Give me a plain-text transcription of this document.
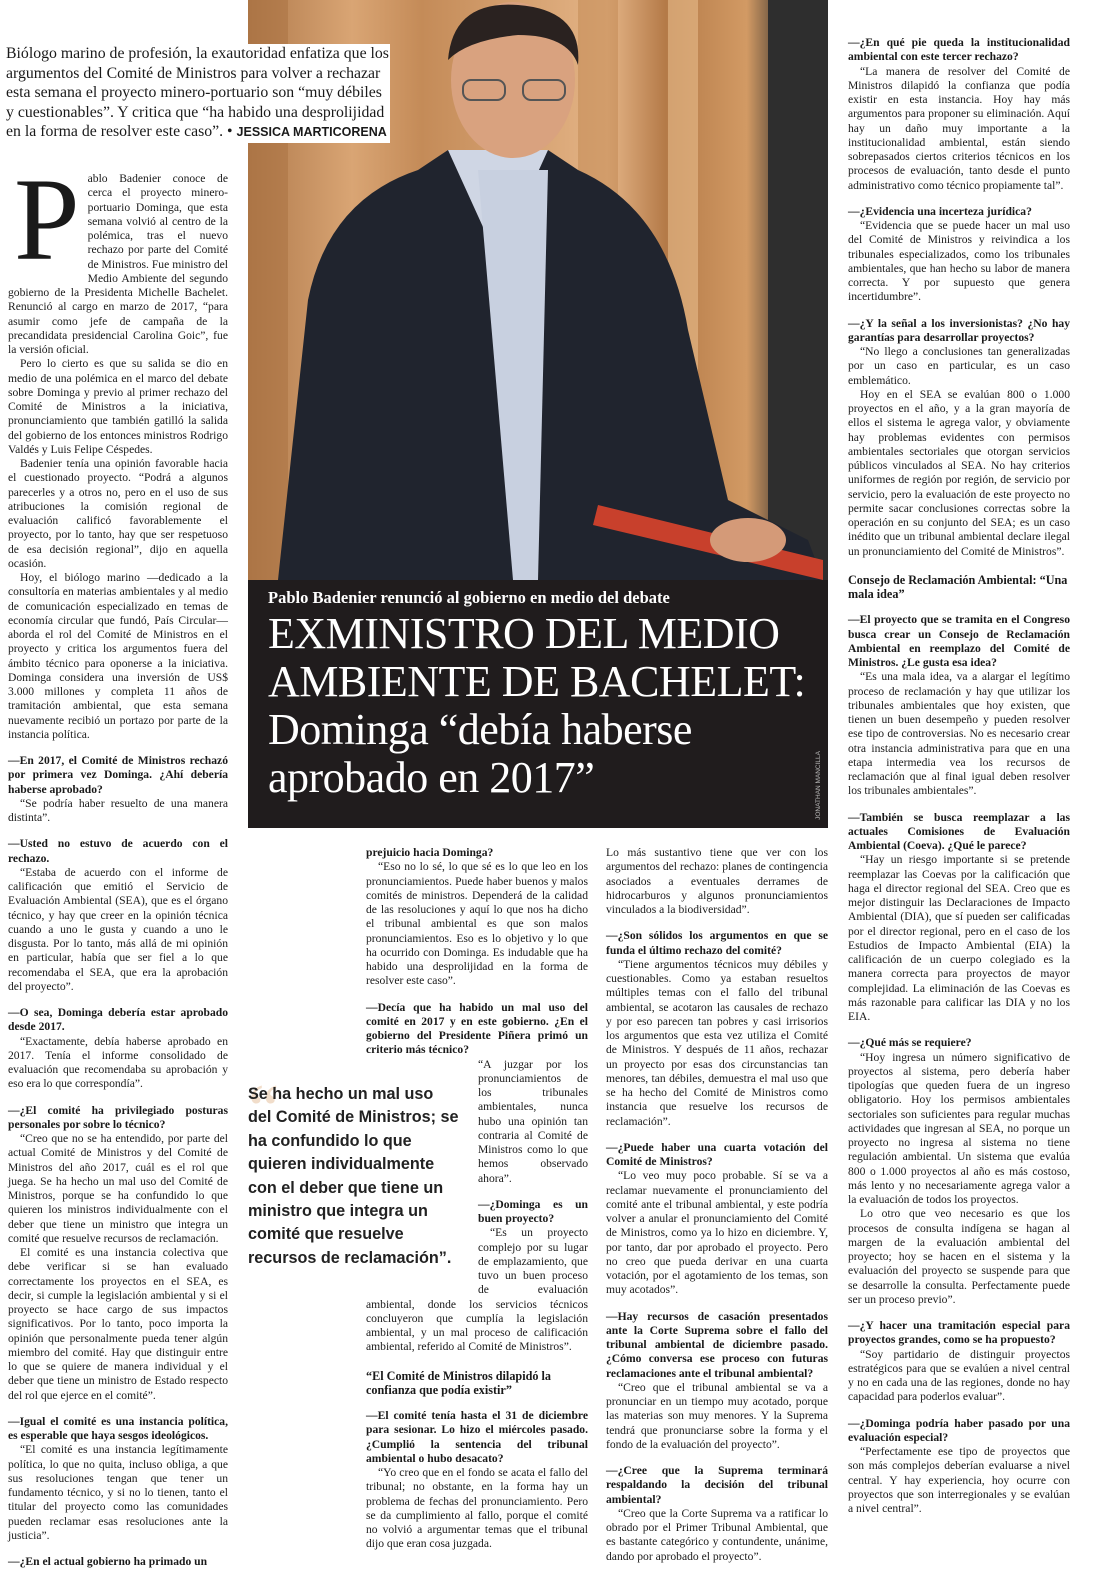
Biólogo marino de profesión, la exautoridad enfatiza que los argumentos del Comité de Ministros para volver a rechazar esta semana el proyecto minero-portuario son “muy débiles y cuestionables”. Y critica que “ha habido una desprolijidad en la forma de resolver este caso”. • JESSICA MARTICORENA
Pablo Badenier renunció al gobierno en medio del debate
EXMINISTRO DEL MEDIO AMBIENTE DE BACHELET: Dominga “debía haberse aprobado en 2017”	JONATHAN MANCILLA
P ablo Badenier conoce de cerca el proyecto minero-portuario Dominga, que esta semana volvió al centro de la polémica, tras el nuevo rechazo por parte del Comité de Ministros. Fue ministro del Medio Ambiente del segundo gobierno de la Presidenta Michelle Bachelet. Renunció al cargo en marzo de 2017, “para asumir como jefe de campaña de la precandidata presidencial Carolina Goic”, fue la versión oficial.

Pero lo cierto es que su salida se dio en medio de una polémica en el marco del debate sobre Dominga y previo al primer rechazo del Comité de Ministros a la iniciativa, pronunciamiento que también gatilló la salida del gobierno de los entonces ministros Rodrigo Valdés y Luis Felipe Céspedes.

Badenier tenía una opinión favorable hacia el cuestionado proyecto. “Podrá a algunos parecerles y a otros no, pero en el uso de sus atribuciones la comisión regional de evaluación calificó favorablemente el proyecto, por lo tanto, hay que ser respetuoso de esa decisión regional”, dijo en aquella ocasión.

Hoy, el biólogo marino —dedicado a la consultoría en materias ambientales y al medio de comunicación especializado en temas de economía circular que fundó, País Circular— aborda el rol del Comité de Ministros en el proyecto y critica los argumentos fuera del ámbito técnico para oponerse a la iniciativa. Dominga considera una inversión de US$ 3.000 millones y completa 11 años de tramitación ambiental, que esta semana nuevamente recibió un portazo por parte de la instancia política.

—En 2017, el Comité de Ministros rechazó por primera vez Dominga. ¿Ahí debería haberse aprobado?

“Se podría haber resuelto de una manera distinta”.

—Usted no estuvo de acuerdo con el rechazo.

“Estaba de acuerdo con el informe de calificación que emitió el Servicio de Evaluación Ambiental (SEA), que es el órgano técnico, y hay que creer en la opinión técnica cuando a uno le gusta y cuando a uno le disgusta. Por lo tanto, más allá de mi opinión en particular, había que ser fiel a lo que recomendaba el SEA, que era la aprobación del proyecto”.

—O sea, Dominga debería estar aprobado desde 2017.

“Exactamente, debía haberse aprobado en 2017. Tenía el informe consolidado de evaluación que recomendaba su aprobación y eso era lo que correspondía”.

—¿El comité ha privilegiado posturas personales por sobre lo técnico?

“Creo que no se ha entendido, por parte del actual Comité de Ministros y del Comité de Ministros del año 2017, cuál es el rol que juega. Se ha hecho un mal uso del Comité de Ministros, porque se ha confundido lo que quieren los ministros individualmente con el deber que tiene un ministro que integra un comité que resuelve recursos de reclamación.

El comité es una instancia colectiva que debe verificar si se han evaluado correctamente los proyectos en el SEA, es decir, si cumple la legislación ambiental y si el proyecto se hace cargo de sus impactos significativos. Por lo tanto, poco importa la opinión que personalmente pueda tener algún miembro del comité. Hay que distinguir entre lo que se quiere de manera individual y el deber que tiene un ministro de Estado respecto del rol que ejerce en el comité”.

—Igual el comité es una instancia política, es esperable que haya sesgos ideológicos.

“El comité es una instancia legítimamente política, lo que no quita, incluso obliga, a que sus resoluciones tengan que tener un fundamento técnico, y si no lo tienen, tanto el titular del proyecto como las comunidades pueden reclamar esas resoluciones ante la justicia”.

—¿En el actual gobierno ha primado un

“
Se ha hecho un mal uso del Comité de Ministros; se ha confundido lo que quieren individualmente con el deber que tiene un ministro que integra un comité que resuelve recursos de reclamación”.

prejuicio hacia Dominga?

“Eso no lo sé, lo que sé es lo que leo en los pronunciamientos. Puede haber buenos y malos comités de ministros. Dependerá de la calidad de las resoluciones y aquí lo que nos ha dicho el tribunal ambiental es que son malos pronunciamientos. Eso es lo objetivo y lo que ha ocurrido con Dominga. Es indudable que ha habido una desprolijidad en la forma de resolver este caso”.

—Decía que ha habido un mal uso del comité en 2017 y en este gobierno. ¿En el gobierno del Presidente Piñera primó un criterio más técnico?

“A juzgar por los pronunciamientos de los tribunales ambientales, nunca hubo una opinión tan contraria al Comité de Ministros como lo que hemos observado ahora”.

—¿Dominga es un buen proyecto?

“Es un proyecto complejo por su lugar de emplazamiento, que tuvo un buen proceso de evaluación ambiental, donde los servicios técnicos concluyeron que cumplía la legislación ambiental, y un mal proceso de calificación ambiental, referido al Comité de Ministros”.

“El Comité de Ministros dilapidó la confianza que podía existir”

—El comité tenía hasta el 31 de diciembre para sesionar. Lo hizo el miércoles pasado. ¿Cumplió la sentencia del tribunal ambiental o hubo desacato?

“Yo creo que en el fondo se acata el fallo del tribunal; no obstante, en la forma hay un problema de fechas del pronunciamiento. Pero se da cumplimiento al fallo, porque el comité no volvió a argumentar temas que el tribunal dijo que eran cosa juzgada.

Lo más sustantivo tiene que ver con los argumentos del rechazo: planes de contingencia asociados a eventuales derrames de hidrocarburos y algunos pronunciamientos vinculados a la biodiversidad”.

—¿Son sólidos los argumentos en que se funda el último rechazo del comité?

“Tiene argumentos técnicos muy débiles y cuestionables. Como ya estaban resueltos múltiples temas con el fallo del tribunal ambiental, se acotaron las causales de rechazo y por eso parecen tan pobres y casi irrisorios los argumentos que esta vez utiliza el Comité de Ministros. Y después de 11 años, rechazar un proyecto por esas dos circunstancias tan menores, tan débiles, demuestra el mal uso que se ha hecho del Comité de Ministros como instancia que resuelve los recursos de reclamación”.

—¿Puede haber una cuarta votación del Comité de Ministros?

“Lo veo muy poco probable. Sí se va a reclamar nuevamente el pronunciamiento del comité ante el tribunal ambiental, y este podría volver a anular el pronunciamiento del Comité de Ministros, como ya lo hizo en diciembre. Y, por tanto, dar por aprobado el proyecto. Pero no creo que pueda derivar en una cuarta votación, por el agotamiento de los temas, son muy acotados”.

—Hay recursos de casación presentados ante la Corte Suprema sobre el fallo del tribunal ambiental de diciembre pasado. ¿Cómo conversa ese proceso con futuras reclamaciones ante el tribunal ambiental?

“Creo que el tribunal ambiental se va a pronunciar en un tiempo muy acotado, porque las materias son muy menores. Y la Suprema tendrá que pronunciarse sobre la forma y el fondo de la evaluación del proyecto”.

—¿Cree que la Suprema terminará respaldando la decisión del tribunal ambiental?

“Creo que la Corte Suprema va a ratificar lo obrado por el Primer Tribunal Ambiental, que es bastante categórico y contundente, unánime, dando por aprobado el proyecto”.

—¿En qué pie queda la institucionalidad ambiental con este tercer rechazo?

“La manera de resolver del Comité de Ministros dilapidó la confianza que podía existir en esta instancia. Hoy hay más argumentos para proponer su eliminación. Aquí hay un daño muy importante a la institucionalidad ambiental, están siendo sobrepasados ciertos criterios técnicos en los procesos de evaluación, tanto desde el punto administrativo como técnico propiamente tal”.

—¿Evidencia una incerteza jurídica?

“Evidencia que se puede hacer un mal uso del Comité de Ministros y reivindica a los tribunales especializados, como los tribunales ambientales, que han hecho su labor de manera correcta. Y por supuesto que genera incertidumbre”.

—¿Y la señal a los inversionistas? ¿No hay garantías para desarrollar proyectos?

“No llego a conclusiones tan generalizadas por un caso en particular, es un caso emblemático.

Hoy en el SEA se evalúan 800 o 1.000 proyectos en el año, y a la gran mayoría de ellos el sistema le agrega valor, y obviamente hay problemas evidentes con permisos ambientales sectoriales que otorgan servicios públicos vinculados al SEA. No hay criterios uniformes de región por región, de servicio por servicio, pero la evaluación de este proyecto no permite sacar conclusiones correctas sobre la operación en su conjunto del SEA; es un caso inédito que un tribunal ambiental declare ilegal un pronunciamiento del Comité de Ministros”.

Consejo de Reclamación Ambiental: “Una mala idea”

—El proyecto que se tramita en el Congreso busca crear un Consejo de Reclamación Ambiental en reemplazo del Comité de Ministros. ¿Le gusta esa idea?

“Es una mala idea, va a alargar el legítimo proceso de reclamación y hay que utilizar los tribunales ambientales que hoy existen, que tienen un buen desempeño y pueden resolver ese tipo de controversias. No es necesario crear otra instancia administrativa para que en una etapa intermedia vea los recursos de reclamación que al final igual deben resolver los tribunales ambientales”.

—También se busca reemplazar a las actuales Comisiones de Evaluación Ambiental (Coeva). ¿Qué le parece?

“Hay un riesgo importante si se pretende reemplazar las Coevas por la calificación que haga el director regional del SEA. Creo que es mejor distinguir las Declaraciones de Impacto Ambiental (DIA), que sí pueden ser calificadas por el director regional, pero en el caso de los Estudios de Impacto Ambiental (EIA) la calificación de un cuerpo colegiado es la manera correcta para proyectos de mayor complejidad. La eliminación de las Coevas es más razonable para calificar las DIA y no los EIA.

—¿Qué más se requiere?

“Hoy ingresa un número significativo de proyectos al sistema, pero debería haber tipologías que queden fuera de un ingreso obligatorio. Hoy los permisos ambientales sectoriales son suficientes para regular muchas actividades que ingresan al SEA, no porque un proyecto no ingresa al sistema no tiene regulación ambiental. Un sistema que evalúa 800 o 1.000 proyectos al año es más costoso, más lento y no necesariamente agrega valor a la evaluación de todos los proyectos.

Lo otro que veo necesario es que los procesos de consulta indígena se hagan al margen de la evaluación ambiental del proyecto; hoy se hacen en el sistema y la evaluación del proyecto se suspende para que se desarrolle la consulta. Perfectamente puede ser un proceso previo”.

—¿Y hacer una tramitación especial para proyectos grandes, como se ha propuesto?

“Soy partidario de distinguir proyectos estratégicos para que se evalúen a nivel central y no en cada una de las regiones, donde no hay capacidad para poderlos evaluar”.

—¿Dominga podría haber pasado por una evaluación especial?

“Perfectamente ese tipo de proyectos que son más complejos deberían evaluarse a nivel central. Y hay experiencia, hoy ocurre con proyectos que son interregionales y se evalúan a nivel central”.
